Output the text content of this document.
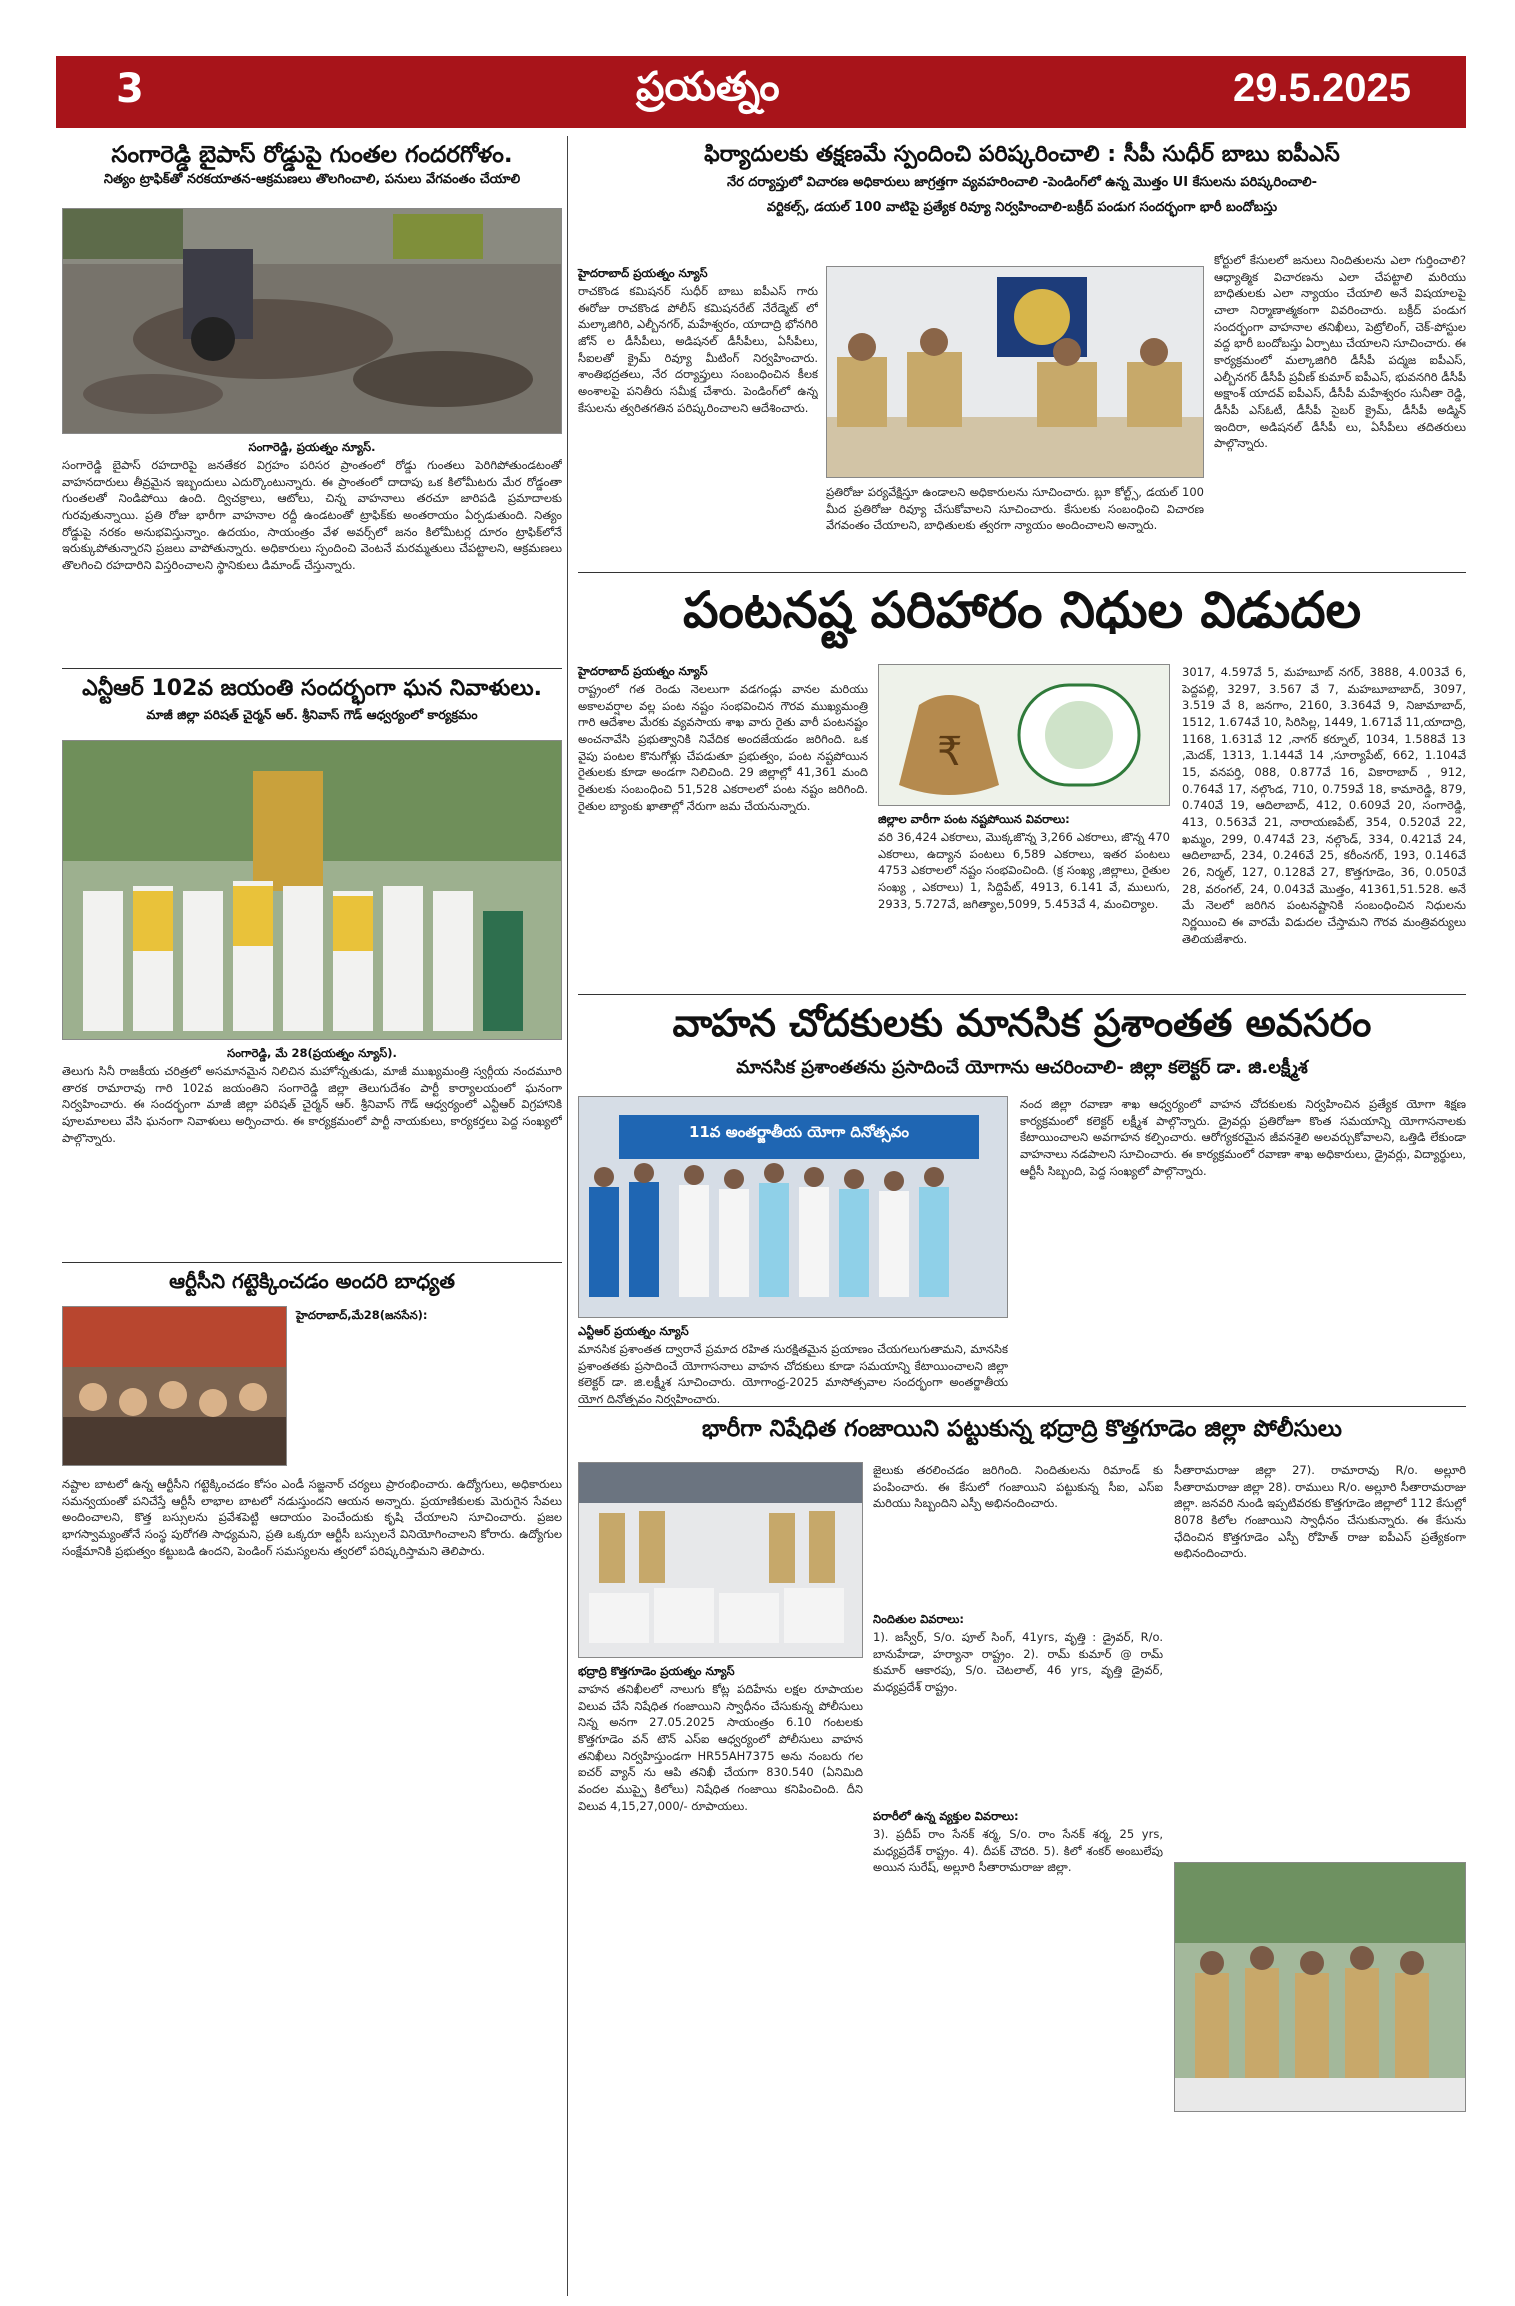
3	ప్రయత్నం	29.5.2025
సంగారెడ్డి బైపాస్ రోడ్డుపై గుంతల గందరగోళం.
నిత్యం ట్రాఫిక్‌తో నరకయాతన-ఆక్రమణలు తొలగించాలి, పనులు వేగవంతం చేయాలి
సంగారెడ్డి, ప్రయత్నం న్యూస్.
సంగారెడ్డి బైపాస్ రహదారిపై జనతేకర విగ్రహం పరిసర ప్రాంతంలో రోడ్డు గుంతలు పెరిగిపోతుండటంతో వాహనదారులు తీవ్రమైన ఇబ్బందులు ఎదుర్కొంటున్నారు. ఈ ప్రాంతంలో దాదాపు ఒక కిలోమీటరు మేర రోడ్డంతా గుంతలతో నిండిపోయి ఉంది. ద్విచక్రాలు, ఆటోలు, చిన్న వాహనాలు తరచూ జారిపడి ప్రమాదాలకు గురవుతున్నాయి. ప్రతి రోజు భారీగా వాహనాల రద్దీ ఉండటంతో ట్రాఫిక్‌కు అంతరాయం ఏర్పడుతుంది. నిత్యం రోడ్డుపై నరకం అనుభవిస్తున్నాం. ఉదయం, సాయంత్రం వేళ అవర్స్‌లో జనం కిలోమీటర్ల దూరం ట్రాఫిక్‌లోనే ఇరుక్కుపోతున్నారని ప్రజలు వాపోతున్నారు. అధికారులు స్పందించి వెంటనే మరమ్మతులు చేపట్టాలని, ఆక్రమణలు తొలగించి రహదారిని విస్తరించాలని స్థానికులు డిమాండ్ చేస్తున్నారు.
ఎన్టీఆర్ 102వ జయంతి సందర్భంగా ఘన నివాళులు.
మాజీ జిల్లా పరిషత్ చైర్మన్ ఆర్. శ్రీనివాస్ గౌడ్ ఆధ్వర్యంలో కార్యక్రమం
సంగారెడ్డి, మే 28(ప్రయత్నం న్యూస్).
తెలుగు సినీ రాజకీయ చరిత్రలో అసమానమైన నిలిచిన మహోన్నతుడు, మాజీ ముఖ్యమంత్రి స్వర్గీయ నందమూరి తారక రామారావు గారి 102వ జయంతిని సంగారెడ్డి జిల్లా తెలుగుదేశం పార్టీ కార్యాలయంలో ఘనంగా నిర్వహించారు. ఈ సందర్భంగా మాజీ జిల్లా పరిషత్ చైర్మన్ ఆర్. శ్రీనివాస్ గౌడ్ ఆధ్వర్యంలో ఎన్టీఆర్ విగ్రహానికి పూలమాలలు వేసి ఘనంగా నివాళులు అర్పించారు. ఈ కార్యక్రమంలో పార్టీ నాయకులు, కార్యకర్తలు పెద్ద సంఖ్యలో పాల్గొన్నారు.
ఆర్టీసీని గట్టెక్కించడం అందరి బాధ్యత
హైదరాబాద్,మే28(జనసేన):
నష్టాల బాటలో ఉన్న ఆర్టీసీని గట్టెక్కించడం కోసం ఎండీ సజ్జనార్ చర్యలు ప్రారంభించారు. ఉద్యోగులు, అధికారులు సమన్వయంతో పనిచేస్తే ఆర్టీసీ లాభాల బాటలో నడుస్తుందని ఆయన అన్నారు. ప్రయాణికులకు మెరుగైన సేవలు అందించాలని, కొత్త బస్సులను ప్రవేశపెట్టి ఆదాయం పెంచేందుకు కృషి చేయాలని సూచించారు. ప్రజల భాగస్వామ్యంతోనే సంస్థ పురోగతి సాధ్యమని, ప్రతి ఒక్కరూ ఆర్టీసీ బస్సులనే వినియోగించాలని కోరారు. ఉద్యోగుల సంక్షేమానికి ప్రభుత్వం కట్టుబడి ఉందని, పెండింగ్ సమస్యలను త్వరలో పరిష్కరిస్తామని తెలిపారు.
ఫిర్యాదులకు తక్షణమే స్పందించి పరిష్కరించాలి : సీపీ సుధీర్ బాబు ఐపీఎస్
నేర దర్యాప్తులో విచారణ అధికారులు జాగ్రత్తగా వ్యవహరించాలి -పెండింగ్‌లో ఉన్న మొత్తం UI కేసులను పరిష్కరించాలి-
వర్టికల్స్, డయల్ 100 వాటిపై ప్రత్యేక రివ్యూ నిర్వహించాలి-బక్రీద్ పండుగ సందర్భంగా భారీ బందోబస్తు
హైదరాబాద్ ప్రయత్నం న్యూస్
రాచకొండ కమిషనర్ సుధీర్ బాబు ఐపీఎస్ గారు ఈరోజు రాచకొండ పోలీస్ కమిషనరేట్ నేరేడ్మెట్ లో మల్కాజిగిరి, ఎల్బీనగర్, మహేశ్వరం, యాదాద్రి భోనగిరి జోన్ ల డీసీపీలు, అడిషనల్ డీసీపీలు, ఏసీపీలు, సీఐలతో క్రైమ్ రివ్యూ మీటింగ్ నిర్వహించారు. శాంతిభద్రతలు, నేర దర్యాప్తులు సంబంధించిన కీలక అంశాలపై పనితీరు సమీక్ష చేశారు. పెండింగ్‌లో ఉన్న కేసులను త్వరితగతిన పరిష్కరించాలని ఆదేశించారు.
ప్రతిరోజు పర్యవేక్షిస్తూ ఉండాలని అధికారులను సూచించారు. బ్లూ కోల్ట్స్, డయల్ 100 మీద ప్రతిరోజు రివ్యూ చేసుకోవాలని సూచించారు. కేసులకు సంబంధించి విచారణ వేగవంతం చేయాలని, బాధితులకు త్వరగా న్యాయం అందించాలని అన్నారు.
కోర్టులో కేసులలో జనులు నిందితులను ఎలా గుర్తించాలి? ఆధ్యాత్మిక విచారణను ఎలా చేపట్టాలి మరియు బాధితులకు ఎలా న్యాయం చేయాలి అనే విషయాలపై చాలా నిర్మాణాత్మకంగా వివరించారు. బక్రీద్ పండుగ సందర్భంగా వాహనాల తనిఖీలు, పెట్రోలింగ్, చెక్-పోస్టుల వద్ద భారీ బందోబస్తు ఏర్పాటు చేయాలని సూచించారు. ఈ కార్యక్రమంలో మల్కాజిగిరి డీసీపీ పద్మజ ఐపీఎస్, ఎల్బీనగర్ డీసీపీ ప్రవీణ్ కుమార్ ఐపీఎస్, భువనగిరి డీసీపీ అక్షాంశ్ యాదవ్ ఐపీఎస్, డీసీపీ మహేశ్వరం సునీతా రెడ్డి, డీసీపీ ఎస్ఓటీ, డీసీపీ సైబర్ క్రైమ్, డీసీపీ అడ్మిన్ ఇందిరా, అడిషనల్ డీసీపీ లు, ఏసీపీలు తదితరులు పాల్గొన్నారు.
పంటనష్ట పరిహారం నిధుల విడుదల
హైదరాబాద్ ప్రయత్నం న్యూస్
రాష్ట్రంలో గత రెండు నెలలుగా వడగండ్లు వానల మరియు అకాలవర్షాల వల్ల పంట నష్టం సంభవించిన గౌరవ ముఖ్యమంత్రి గారి ఆదేశాల మేరకు వ్యవసాయ శాఖ వారు రైతు వారీ పంటనష్టం అంచనావేసి ప్రభుత్వానికి నివేదిక అందజేయడం జరిగింది. ఒక వైపు పంటల కొనుగోళ్లు చేపడుతూ ప్రభుత్వం, పంట నష్టపోయిన రైతులకు కూడా అండగా నిలిచింది. 29 జిల్లాల్లో 41,361 మంది రైతులకు సంబంధించి 51,528 ఎకరాలలో పంట నష్టం జరిగింది. రైతుల బ్యాంకు ఖాతాల్లో నేరుగా జమ చేయనున్నారు.
₹
జిల్లాల వారీగా పంట నష్టపోయిన వివరాలు:
వరి 36,424 ఎకరాలు, మొక్కజొన్న 3,266 ఎకరాలు, జొన్న 470 ఎకరాలు, ఉద్యాన పంటలు 6,589 ఎకరాలు, ఇతర పంటలు 4753 ఎకరాలలో నష్టం సంభవించింది. (క్ర సంఖ్య ,జిల్లాలు, రైతుల సంఖ్య , ఎకరాలు) 1, సిద్దిపేట్, 4913, 6.141 వే, ములుగు, 2933, 5.727వే, జగిత్యాల,5099, 5.453వే 4, మంచిర్యాల.
3017, 4.597వే 5, మహబూబ్ నగర్, 3888, 4.003వే 6, పెద్దపల్లి, 3297, 3.567 వే 7, మహబూబాబాద్, 3097, 3.519 వే 8, జనగాం, 2160, 3.364వే 9, నిజామాబాద్, 1512, 1.674వే 10, సిరిసిల్ల, 1449, 1.671వే 11,యాదాద్రి, 1168, 1.631వే 12 ,నాగర్ కర్నూల్, 1034, 1.588వే 13 ,మెదక్, 1313, 1.144వే 14 ,సూర్యాపేట్, 662, 1.104వే 15, వనపర్తి, 088, 0.877వే 16, వికారాబాద్ , 912, 0.764వే 17, నల్గొండ, 710, 0.759వే 18, కామారెడ్డి, 879, 0.740వే 19, ఆదిలాబాద్, 412, 0.609వే 20, సంగారెడ్డి, 413, 0.563వే 21, నారాయణపేట్, 354, 0.520వే 22, ఖమ్మం, 299, 0.474వే 23, నల్గొండ్, 334, 0.421వే 24, ఆదిలాబాద్, 234, 0.246వే 25, కరీంనగర్, 193, 0.146వే 26, నిర్మల్, 127, 0.128వే 27, కొత్తగూడెం, 36, 0.050వే 28, వరంగల్, 24, 0.043వే మొత్తం, 41361,51.528. అనే మే నెలలో జరిగిన పంటనష్టానికి సంబంధించిన నిధులను నిర్ణయించి ఈ వారమే విడుదల చేస్తామని గౌరవ మంత్రివర్యులు తెలియజేశారు.
వాహన చోదకులకు మానసిక ప్రశాంతత అవసరం
మానసిక ప్రశాంతతను ప్రసాదించే యోగాను ఆచరించాలి- జిల్లా కలెక్టర్ డా. జి.లక్ష్మీశ
11వ అంతర్జాతీయ యోగా దినోత్సవం
ఎన్టీఆర్ ప్రయత్నం న్యూస్
మానసిక ప్రశాంతత ద్వారానే ప్రమాద రహిత సురక్షితమైన ప్రయాణం చేయగలుగుతామని, మానసిక ప్రశాంతతకు ప్రసాదించే యోగాసనాలు వాహన చోదకులు కూడా సమయాన్ని కేటాయించాలని జిల్లా కలెక్టర్ డా. జి.లక్ష్మీశ సూచించారు. యోగాంధ్ర-2025 మాసోత్సవాల సందర్భంగా అంతర్జాతీయ యోగ దినోత్సవం నిర్వహించారు.
నంద జిల్లా రవాణా శాఖ ఆధ్వర్యంలో వాహన చోదకులకు నిర్వహించిన ప్రత్యేక యోగా శిక్షణ కార్యక్రమంలో కలెక్టర్ లక్ష్మీశ పాల్గొన్నారు. డ్రైవర్లు ప్రతిరోజూ కొంత సమయాన్ని యోగాసనాలకు కేటాయించాలని అవగాహన కల్పించారు. ఆరోగ్యకరమైన జీవనశైలి అలవర్చుకోవాలని, ఒత్తిడి లేకుండా వాహనాలు నడపాలని సూచించారు. ఈ కార్యక్రమంలో రవాణా శాఖ అధికారులు, డ్రైవర్లు, విద్యార్థులు, ఆర్టీసీ సిబ్బంది, పెద్ద సంఖ్యలో పాల్గొన్నారు.
భారీగా నిషేధిత గంజాయిని పట్టుకున్న భద్రాద్రి కొత్తగూడెం జిల్లా పోలీసులు
భద్రాద్రి కొత్తగూడెం ప్రయత్నం న్యూస్
వాహన తనిఖీలలో నాలుగు కోట్ల పదిహేను లక్షల రూపాయల విలువ చేసే నిషేధిత గంజాయిని స్వాధీనం చేసుకున్న పోలీసులు నిన్న అనగా 27.05.2025 సాయంత్రం 6.10 గంటలకు కొత్తగూడెం వన్ టౌన్ ఎస్ఐ ఆధ్వర్యంలో పోలీసులు వాహన తనిఖీలు నిర్వహిస్తుండగా HR55AH7375 అను నంబరు గల ఐచర్ వ్యాన్ ను ఆపి తనిఖీ చేయగా 830.540 (ఏనిమిది వందల ముప్పై కిలోలు) నిషేధిత గంజాయి కనిపించింది. దీని విలువ 4,15,27,000/- రూపాయలు.
జైలుకు తరలించడం జరిగింది. నిందితులను రిమాండ్ కు పంపించారు. ఈ కేసులో గంజాయిని పట్టుకున్న సీఐ, ఎస్ఐ మరియు సిబ్బందిని ఎస్పీ అభినందించారు.
నిందితుల వివరాలు:
1). జస్వీర్, S/o. పూల్ సింగ్, 41yrs, వృత్తి : డ్రైవర్, R/o. బానుహేడా, హర్యానా రాష్ట్రం. 2). రామ్ కుమార్ @ రామ్ కుమార్ ఆకారపు, S/o. చెటలాల్, 46 yrs, వృత్తి డ్రైవర్, మధ్యప్రదేశ్ రాష్ట్రం.
పరారీలో ఉన్న వ్యక్తుల వివరాలు:
3). ప్రదీప్ రాం సేనక్ శర్మ, S/o. రాం సేనక్ శర్మ, 25 yrs, మధ్యప్రదేశ్ రాష్ట్రం. 4). దీపక్ చౌదరి. 5). కిలో శంకర్ అంబులేపు అయిన సురేష్, అల్లూరి సీతారామరాజు జిల్లా.
సీతారామరాజు జిల్లా 27). రామారావు R/o. అల్లూరి సీతారామరాజు జిల్లా 28). రాములు R/o. అల్లూరి సీతారామరాజు జిల్లా. జనవరి నుండి ఇప్పటివరకు కొత్తగూడెం జిల్లాలో 112 కేసుల్లో 8078 కిలోల గంజాయిని స్వాధీనం చేసుకున్నారు. ఈ కేసును ఛేదించిన కొత్తగూడెం ఎస్పీ రోహిత్ రాజు ఐపీఎస్ ప్రత్యేకంగా అభినందించారు.
